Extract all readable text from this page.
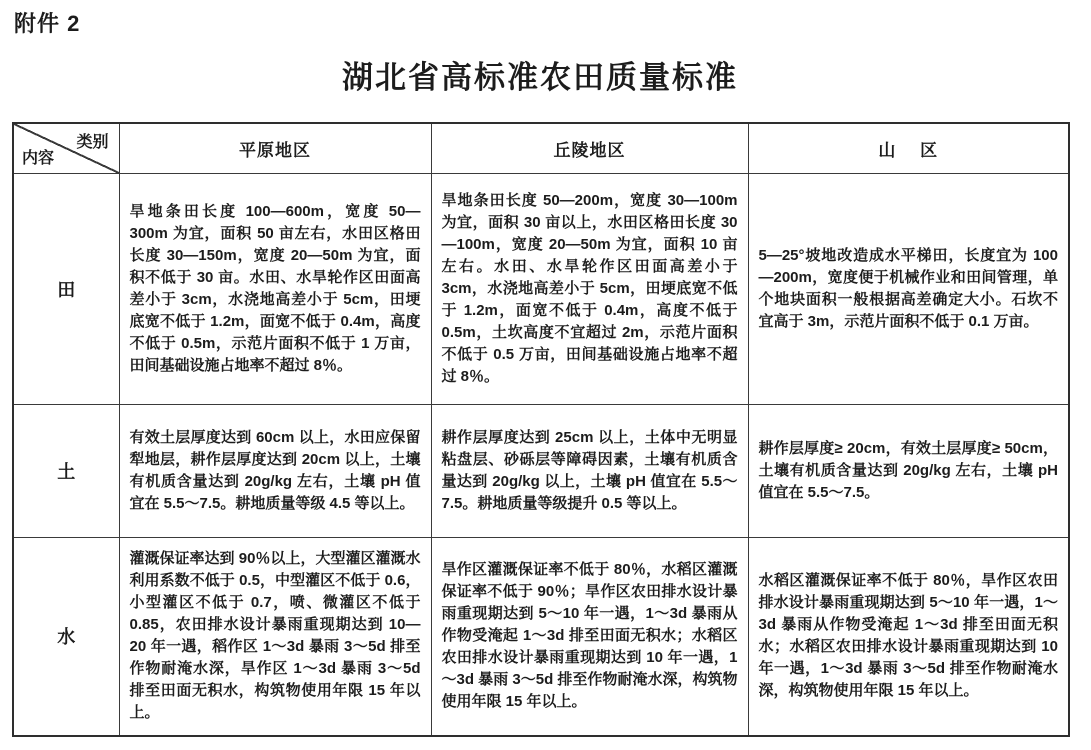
附件 2
湖北省高标准农田质量标准
类别
内容	平原地区	丘陵地区	山　 区
田	旱地条田长度 100—600m，宽度 50—300m 为宜，面积 50 亩左右，水田区格田长度 30—150m，宽度 20—50m 为宜，面积不低于 30 亩。水田、水旱轮作区田面高差小于 3cm，水浇地高差小于 5cm，田埂底宽不低于 1.2m，面宽不低于 0.4m，高度不低于 0.5m，示范片面积不低于 1 万亩，田间基础设施占地率不超过 8％。	旱地条田长度 50—200m，宽度 30—100m 为宜，面积 30 亩以上，水田区格田长度 30—100m，宽度 20—50m 为宜，面积 10 亩左右。水田、水旱轮作区田面高差小于 3cm，水浇地高差小于 5cm，田埂底宽不低于 1.2m，面宽不低于 0.4m，高度不低于 0.5m，土坎高度不宜超过 2m，示范片面积不低于 0.5 万亩，田间基础设施占地率不超过 8％。	5—25°坡地改造成水平梯田，长度宜为 100—200m，宽度便于机械作业和田间管理，单个地块面积一般根据高差确定大小。石坎不宜高于 3m，示范片面积不低于 0.1 万亩。
土	有效土层厚度达到 60cm 以上，水田应保留犁地层，耕作层厚度达到 20cm 以上，土壤有机质含量达到 20g/kg 左右，土壤 pH 值宜在 5.5～7.5。耕地质量等级 4.5 等以上。	耕作层厚度达到 25cm 以上，土体中无明显粘盘层、砂砾层等障碍因素，土壤有机质含量达到 20g/kg 以上，土壤 pH 值宜在 5.5～7.5。耕地质量等级提升 0.5 等以上。	耕作层厚度≥ 20cm，有效土层厚度≥ 50cm，土壤有机质含量达到 20g/kg 左右，土壤 pH 值宜在 5.5～7.5。
水	灌溉保证率达到 90％以上，大型灌区灌溉水利用系数不低于 0.5，中型灌区不低于 0.6，小型灌区不低于 0.7，喷、微灌区不低于 0.85，农田排水设计暴雨重现期达到 10—20 年一遇，稻作区 1～3d 暴雨 3～5d 排至作物耐淹水深，旱作区 1～3d 暴雨 3～5d 排至田面无积水，构筑物使用年限 15 年以上。	旱作区灌溉保证率不低于 80％，水稻区灌溉保证率不低于 90％；旱作区农田排水设计暴雨重现期达到 5～10 年一遇，1～3d 暴雨从作物受淹起 1～3d 排至田面无积水；水稻区农田排水设计暴雨重现期达到 10 年一遇，1～3d 暴雨 3～5d 排至作物耐淹水深，构筑物使用年限 15 年以上。	水稻区灌溉保证率不低于 80％，旱作区农田排水设计暴雨重现期达到 5～10 年一遇，1～3d 暴雨从作物受淹起 1～3d 排至田面无积水；水稻区农田排水设计暴雨重现期达到 10 年一遇，1～3d 暴雨 3～5d 排至作物耐淹水深，构筑物使用年限 15 年以上。
